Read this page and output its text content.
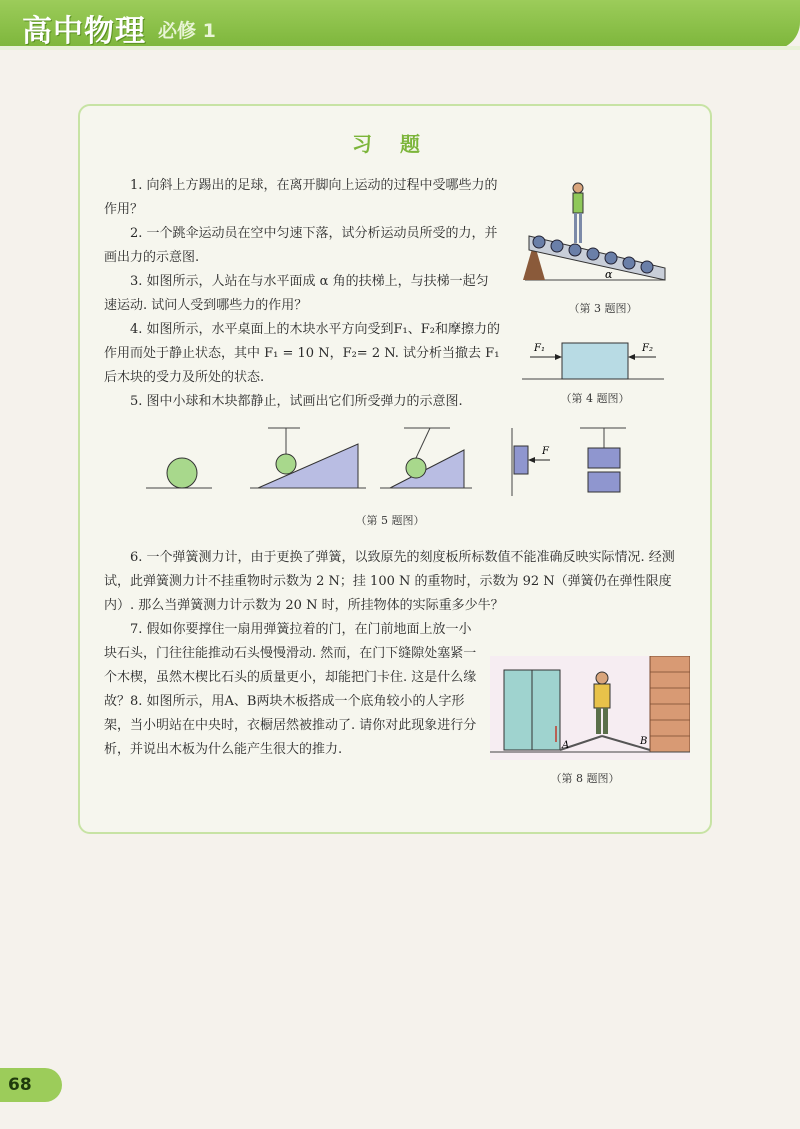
高中物理 必修 1
习题

1. 向斜上方踢出的足球，在离开脚向上运动的过程中受哪些力的作用？

2. 一个跳伞运动员在空中匀速下落，试分析运动员所受的力，并画出力的示意图.

3. 如图所示，人站在与水平面成 α 角的扶梯上，与扶梯一起匀速运动. 试问人受到哪些力的作用？

4. 如图所示，水平桌面上的木块水平方向受到F₁、F₂和摩擦力的作用而处于静止状态，其中 F₁ = 10 N，F₂= 2 N. 试分析当撤去 F₁ 后木块的受力及所处的状态.

5. 图中小球和木块都静止，试画出它们所受弹力的示意图.

α
（第 3 题图）
F₁	F₂
（第 4 题图）
F
（第 5 题图）

6. 一个弹簧测力计，由于更换了弹簧，以致原先的刻度板所标数值不能准确反映实际情况. 经测试，此弹簧测力计不挂重物时示数为 2 N；挂 100 N 的重物时，示数为 92 N（弹簧仍在弹性限度内）. 那么当弹簧测力计示数为 20 N 时，所挂物体的实际重多少牛？

7. 假如你要撑住一扇用弹簧拉着的门，在门前地面上放一小块石头，门往往能推动石头慢慢滑动. 然而，在门下缝隙处塞紧一个木楔，虽然木楔比石头的质量更小，却能把门卡住. 这是什么缘故？ 8. 如图所示，用A、B两块木板搭成一个底角较小的人字形架，当小明站在中央时，衣橱居然被推动了. 请你对此现象进行分析，并说出木板为什么能产生很大的推力.	A	B
（第 8 题图）
68
